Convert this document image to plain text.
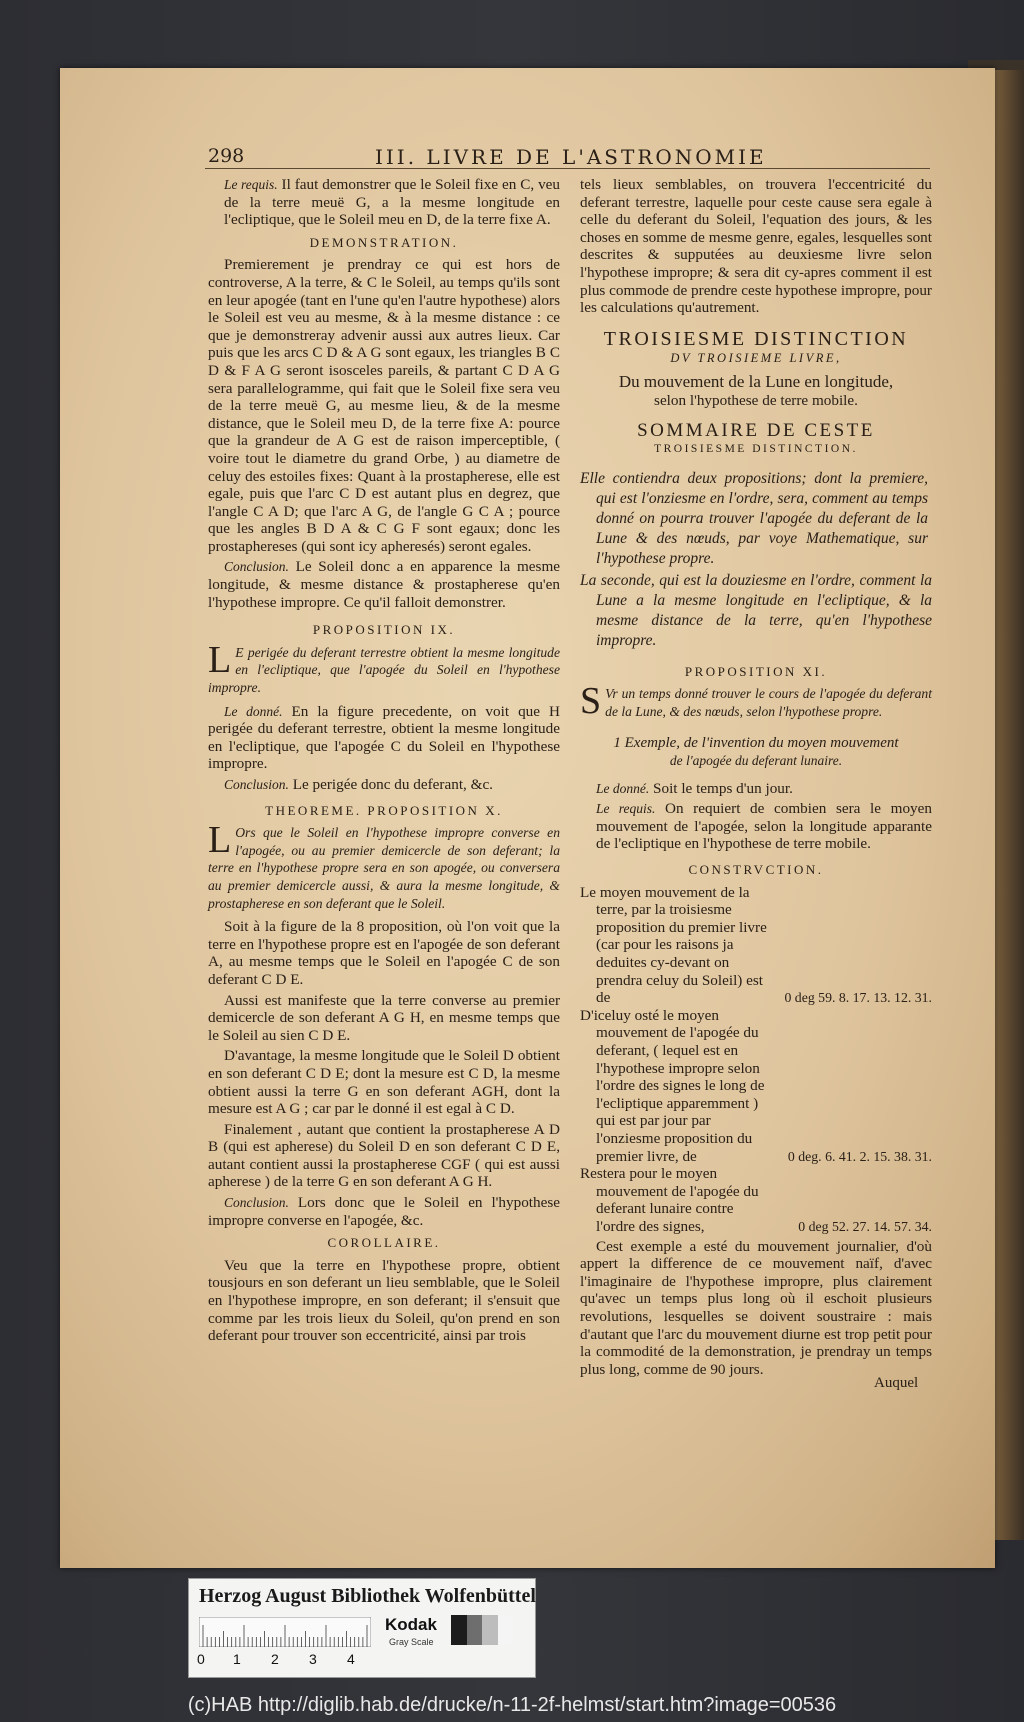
298	III. LIVRE DE L'ASTRONOMIE

Le requis. Il faut demonstrer que le Soleil fixe en C, veu de la terre meuë G, a la mesme longitude en l'ecliptique, que le Soleil meu en D, de la terre fixe A.

DEMONSTRATION.

Premierement je prendray ce qui est hors de controverse, A la terre, & C le Soleil, au temps qu'ils sont en leur apogée (tant en l'une qu'en l'autre hypothese) alors le Soleil est veu au mesme, & à la mesme distance : ce que je demonstreray advenir aussi aux autres lieux. Car puis que les arcs C D & A G sont egaux, les triangles B C D & F A G seront isosceles pareils, & partant C D A G sera parallelogramme, qui fait que le Soleil fixe sera veu de la terre meuë G, au mesme lieu, & de la mesme distance, que le Soleil meu D, de la terre fixe A: pource que la grandeur de A G est de raison imperceptible, ( voire tout le diametre du grand Orbe, ) au diametre de celuy des estoiles fixes: Quant à la prostapherese, elle est egale, puis que l'arc C D est autant plus en degrez, que l'angle C A D; que l'arc A G, de l'angle G C A ; pource que les angles B D A & C G F sont egaux; donc les prostaphereses (qui sont icy apheresés) seront egales.

Conclusion. Le Soleil donc a en apparence la mesme longitude, & mesme distance & prostapherese qu'en l'hypothese impropre. Ce qu'il falloit demonstrer.

PROPOSITION IX.

L E perigée du deferant terrestre obtient la mesme longitude en l'ecliptique, que l'apogée du Soleil en l'hypothese impropre.

Le donné. En la figure precedente, on voit que H perigée du deferant terrestre, obtient la mesme longitude en l'ecliptique, que l'apogée C du Soleil en l'hypothese impropre.

Conclusion. Le perigée donc du deferant, &c.

THEOREME. PROPOSITION X.

L Ors que le Soleil en l'hypothese impropre converse en l'apogée, ou au premier demicercle de son deferant; la terre en l'hypothese propre sera en son apogée, ou conversera au premier demicercle aussi, & aura la mesme longitude, & prostapherese en son deferant que le Soleil.

Soit à la figure de la 8 proposition, où l'on voit que la terre en l'hypothese propre est en l'apogée de son deferant A, au mesme temps que le Soleil en l'apogée C de son deferant C D E.

Aussi est manifeste que la terre converse au premier demicercle de son deferant A G H, en mesme temps que le Soleil au sien C D E.

D'avantage, la mesme longitude que le Soleil D obtient en son deferant C D E; dont la mesure est C D, la mesme obtient aussi la terre G en son deferant AGH, dont la mesure est A G ; car par le donné il est egal à C D.

Finalement , autant que contient la prostapherese A D B (qui est apherese) du Soleil D en son deferant C D E, autant contient aussi la prostapherese CGF ( qui est aussi apherese ) de la terre G en son deferant A G H.

Conclusion. Lors donc que le Soleil en l'hypothese impropre converse en l'apogée, &c.

COROLLAIRE.

Veu que la terre en l'hypothese propre, obtient tousjours en son deferant un lieu semblable, que le Soleil en l'hypothese impropre, en son deferant; il s'ensuit que comme par les trois lieux du Soleil, qu'on prend en son deferant pour trouver son eccentricité, ainsi par trois

tels lieux semblables, on trouvera l'eccentricité du deferant terrestre, laquelle pour ceste cause sera egale à celle du deferant du Soleil, l'equation des jours, & les choses en somme de mesme genre, egales, lesquelles sont descrites & supputées au deuxiesme livre selon l'hypothese impropre; & sera dit cy-apres comment il est plus commode de prendre ceste hypothese impropre, pour les calculations qu'autrement.

TROISIESME DISTINCTION
DV TROISIEME LIVRE,
Du mouvement de la Lune en longitude,
selon l'hypothese de terre mobile.
SOMMAIRE DE CESTE
TROISIESME DISTINCTION.

Elle contiendra deux propositions; dont la premiere, qui est l'onziesme en l'ordre, sera, comment au temps donné on pourra trouver l'apogée du deferant de la Lune & des nœuds, par voye Mathematique, sur l'hypothese propre.

La seconde, qui est la douziesme en l'ordre, comment la Lune a la mesme longitude en l'ecliptique, & la mesme distance de la terre, qu'en l'hypothese impropre.

PROPOSITION XI.

S Vr un temps donné trouver le cours de l'apogée du deferant de la Lune, & des nœuds, selon l'hypothese propre.

1 Exemple, de l'invention du moyen mouvement
de l'apogée du deferant lunaire.

Le donné. Soit le temps d'un jour.

Le requis. On requiert de combien sera le moyen mouvement de l'apogée, selon la longitude apparante de l'ecliptique en l'hypothese de terre mobile.

CONSTRVCTION.

Le moyen mouvement de la terre, par la troisiesme proposition du premier livre (car pour les raisons ja deduites cy-devant on prendra celuy du Soleil) est de	0 deg 59. 8. 17. 13. 12. 31.

D'iceluy osté le moyen mouvement de l'apogée du deferant, ( lequel est en l'hypothese impropre selon l'ordre des signes le long de l'ecliptique apparemment ) qui est par jour par l'onziesme proposition du premier livre, de	0 deg. 6. 41. 2. 15. 38. 31.

Restera pour le moyen mouvement de l'apogée du deferant lunaire contre l'ordre des signes,	0 deg 52. 27. 14. 57. 34.

Cest exemple a esté du mouvement journalier, d'où appert la difference de ce mouvement naïf, d'avec l'imaginaire de l'hypothese impropre, plus clairement qu'avec un temps plus long où il eschoit plusieurs revolutions, lesquelles se doivent soustraire : mais d'autant que l'arc du mouvement diurne est trop petit pour la commodité de la demonstration, je prendray un temps plus long, comme de 90 jours.

Auquel
Herzog August Bibliothek Wolfenbüttel
0 1 2 3 4
Kodak
Gray Scale
(c)HAB http://diglib.hab.de/drucke/n-11-2f-helmst/start.htm?image=00536
